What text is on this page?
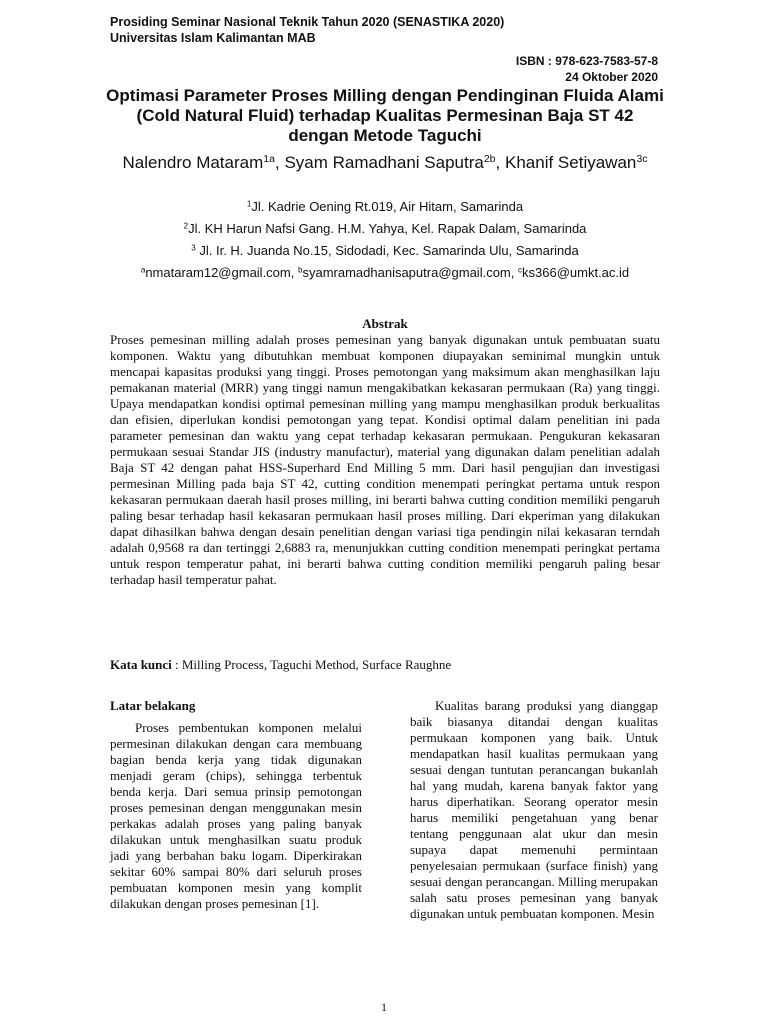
Prosiding Seminar Nasional Teknik Tahun 2020 (SENASTIKA 2020)
Universitas Islam Kalimantan MAB
ISBN : 978-623-7583-57-8
24 Oktober 2020
Optimasi Parameter Proses Milling dengan Pendinginan Fluida Alami (Cold Natural Fluid) terhadap Kualitas Permesinan Baja ST 42 dengan Metode Taguchi
Nalendro Mataram$^{1a}$, Syam Ramadhani Saputra$^{2b}$, Khanif Setiyawan$^{3c}$
$^1$Jl. Kadrie Oening Rt.019, Air Hitam, Samarinda
$^2$Jl. KH Harun Nafsi Gang. H.M. Yahya, Kel. Rapak Dalam, Samarinda
$^3$ Jl. Ir. H. Juanda No.15, Sidodadi, Kec. Samarinda Ulu, Samarinda
$^a$nmataram12@gmail.com, $^b$syamramadhanisaputra@gmail.com, $^c$ks366@umkt.ac.id
Abstrak

Proses pemesinan milling adalah proses pemesinan yang banyak digunakan untuk pembuatan suatu komponen. Waktu yang dibutuhkan membuat komponen diupayakan seminimal mungkin untuk mencapai kapasitas produksi yang tinggi. Proses pemotongan yang maksimum akan menghasilkan laju pemakanan material (MRR) yang tinggi namun mengakibatkan kekasaran permukaan (Ra) yang tinggi. Upaya mendapatkan kondisi optimal pemesinan milling yang mampu menghasilkan produk berkualitas dan efisien, diperlukan kondisi pemotongan yang tepat. Kondisi optimal dalam penelitian ini pada parameter pemesinan dan waktu yang cepat terhadap kekasaran permukaan. Pengukuran kekasaran permukaan sesuai Standar JIS (industry manufactur), material yang digunakan dalam penelitian adalah Baja ST 42 dengan pahat HSS-Superhard End Milling 5 mm. Dari hasil pengujian dan investigasi permesinan Milling pada baja ST 42, cutting condition menempati peringkat pertama untuk respon kekasaran permukaan daerah hasil proses milling, ini berarti bahwa cutting condition memiliki pengaruh paling besar terhadap hasil kekasaran permukaan hasil proses milling. Dari ekperiman yang dilakukan dapat dihasilkan bahwa dengan desain penelitian dengan variasi tiga pendingin nilai kekasaran terndah adalah 0,9568 ra dan tertinggi 2,6883 ra, menunjukkan cutting condition menempati peringkat pertama untuk respon temperatur pahat, ini berarti bahwa cutting condition memiliki pengaruh paling besar terhadap hasil temperatur pahat.

Kata kunci : Milling Process, Taguchi Method, Surface Raughne
Latar belakang

Proses pembentukan komponen melalui permesinan dilakukan dengan cara membuang bagian benda kerja yang tidak digunakan menjadi geram (chips), sehingga terbentuk benda kerja. Dari semua prinsip pemotongan proses pemesinan dengan menggunakan mesin perkakas adalah proses yang paling banyak dilakukan untuk menghasilkan suatu produk jadi yang berbahan baku logam. Diperkirakan sekitar 60% sampai 80% dari seluruh proses pembuatan komponen mesin yang komplit dilakukan dengan proses pemesinan [1].

Kualitas barang produksi yang dianggap baik biasanya ditandai dengan kualitas permukaan komponen yang baik. Untuk mendapatkan hasil kualitas permukaan yang sesuai dengan tuntutan perancangan bukanlah hal yang mudah, karena banyak faktor yang harus diperhatikan. Seorang operator mesin harus memiliki pengetahuan yang benar tentang penggunaan alat ukur dan mesin supaya dapat memenuhi permintaan penyelesaian permukaan (surface finish) yang sesuai dengan perancangan. Milling merupakan salah satu proses pemesinan yang banyak digunakan untuk pembuatan komponen. Mesin

1
